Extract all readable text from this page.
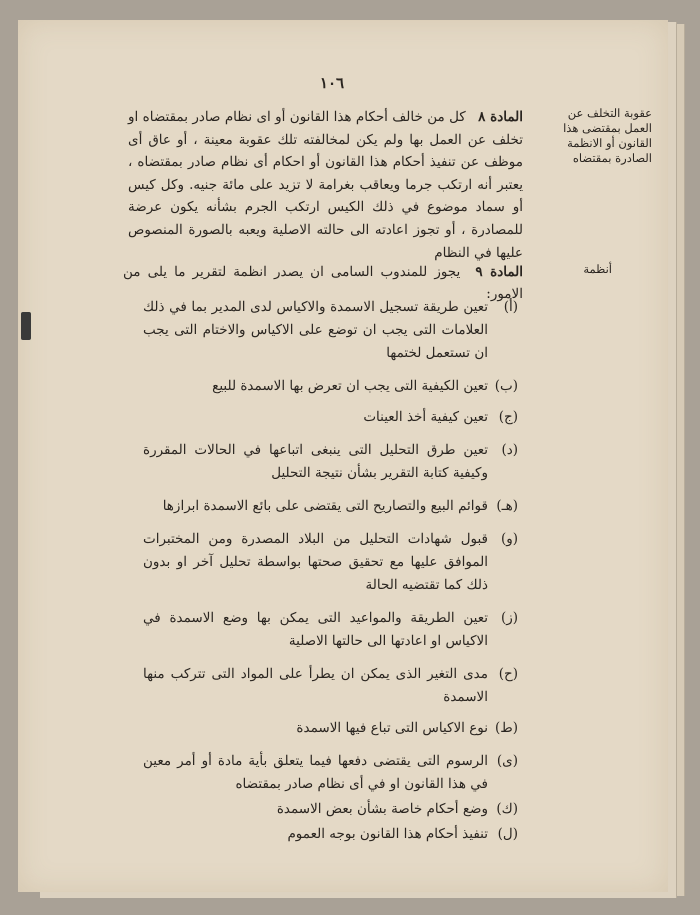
١٠٦
عقوبة التخلف عن العمل بمقتضى هذا القانون أو الانظمة الصادرة بمقتضاه
أنظمة
المادة ٨ كل من خالف أحكام هذا القانون أو اى نظام صادر بمقتضاه او تخلف عن العمل بها ولم يكن لمخالفته تلك عقوبة معينة ، أو عاق أى موظف عن تنفيذ أحكام هذا القانون أو احكام أى نظام صادر بمقتضاه ، يعتبر أنه ارتكب جرما ويعاقب بغرامة لا تزيد على مائة جنيه. وكل كيس أو سماد موضوع في ذلك الكيس ارتكب الجرم بشأنه يكون عرضة للمصادرة ، أو تجوز اعادته الى حالته الاصلية ويعبه بالصورة المنصوص عليها في النظام
المادة ٩ يجوز للمندوب السامى ان يصدر انظمة لتقرير ما يلى من الامور:

(أ)
تعين طريقة تسجيل الاسمدة والاكياس لدى المدير بما في ذلك العلامات التى يجب ان توضع على الاكياس والاختام التى يجب ان تستعمل لختمها

(ب)
تعين الكيفية التى يجب ان تعرض بها الاسمدة للبيع

(ج)
تعين كيفية أخذ العينات

(د)
تعين طرق التحليل التى ينبغى اتباعها في الحالات المقررة وكيفية كتابة التقرير بشأن نتيجة التحليل

(هـ)
قوائم البيع والتصاريح التى يقتضى على بائع الاسمدة ابرازها

(و)
قبول شهادات التحليل من البلاد المصدرة ومن المختبرات الموافق عليها مع تحقيق صحتها بواسطة تحليل آخر او بدون ذلك كما تقتضيه الحالة

(ز)
تعين الطريقة والمواعيد التى يمكن بها وضع الاسمدة في الاكياس او اعادتها الى حالتها الاصلية

(ح)
مدى التغير الذى يمكن ان يطرأ على المواد التى تتركب منها الاسمدة

(ط)
نوع الاكياس التى تباع فيها الاسمدة

(ى)
الرسوم التى يقتضى دفعها فيما يتعلق بأية مادة أو أمر معين في هذا القانون او في أى نظام صادر بمقتضاه

(ك)
وضع أحكام خاصة بشأن بعض الاسمدة

(ل)
تنفيذ أحكام هذا القانون بوجه العموم
